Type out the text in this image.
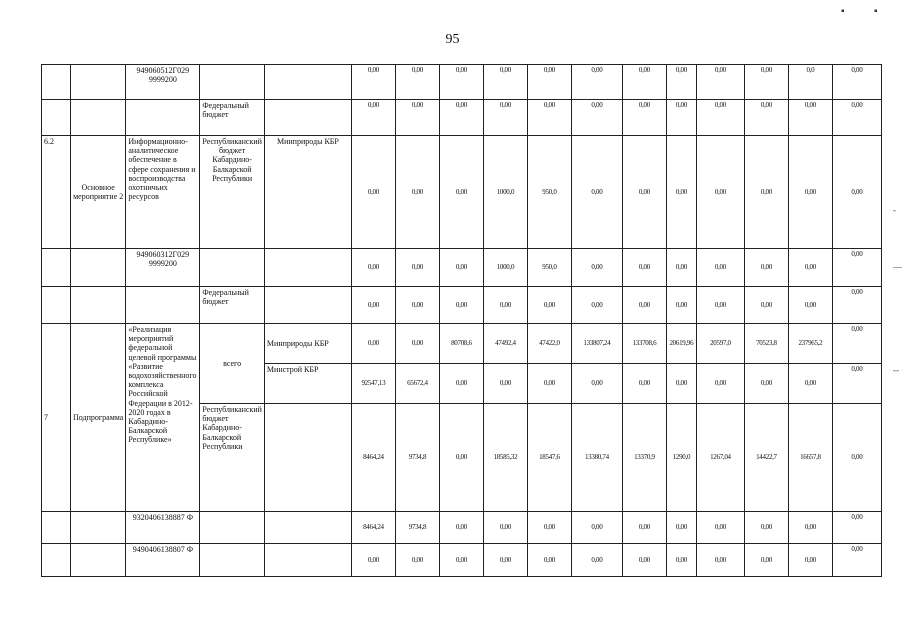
▪	▪
95
-
—
--
		949060512Г029 9999200			0,00	0,00	0,00	0,00	0,00	0,00	0,00	0,00	0,00	0,00	0,0	0,00
			Федеральный бюджет		0,00	0,00	0,00	0,00	0,00	0,00	0,00	0,00	0,00	0,00	0,00	0,00
6.2	Основное мероприятие 2	Информационно-аналитическое обеспечение в сфере сохранения и воспроизводства охотничьих ресурсов	Республиканский бюджет Кабардино-Балкарской Республики	Минприроды КБР	0,00	0,00	0,00	1000,0	950,0	0,00	0,00	0,00	0,00	0,00	0,00	0,00
		949060312Г029 9999200			0,00	0,00	0,00	1000,0	950,0	0,00	0,00	0,00	0,00	0,00	0,00	0,00
			Федеральный бюджет		0,00	0,00	0,00	0,00	0,00	0,00	0,00	0,00	0,00	0,00	0,00	0,00
7	Подпрограмма	«Реализация мероприятий федеральной целевой программы «Развитие водохозяйственного комплекса Российской Федерации в 2012-2020 годах в Кабардино-Балкарской Республике»	всего	Минприроды КБР	0,00	0,00	80708,6	47492,4	47422,0	133807,24	133708,6	20619,96	20597,0	70523,8	237965,2	0,00
				Минстрой КБР	92547,13	65672,4	0,00	0,00	0,00	0,00	0,00	0,00	0,00	0,00	0,00	0,00
			Республиканский бюджет Кабардино-Балкарской Республики		8464,24	9734,8	0,00	18585,32	18547,6	13380,74	13370,9	1290,0	1267,04	14422,7	16657,8	0,00
		9320406138887 Ф			8464,24	9734,8	0,00	0,00	0,00	0,00	0,00	0,00	0,00	0,00	0,00	0,00
		9490406138807 Ф			0,00	0,00	0,00	0,00	0,00	0,00	0,00	0,00	0,00	0,00	0,00	0,00
